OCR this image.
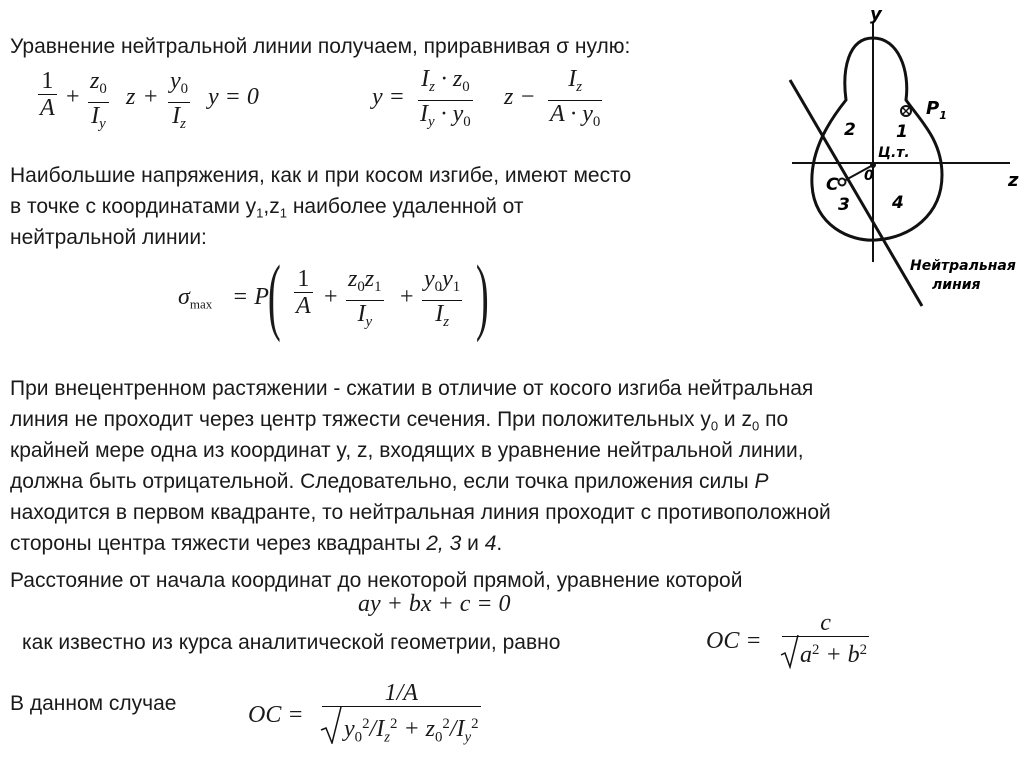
Уравнение нейтральной линии получаем, приравнивая σ нулю:
$\frac{1}{A} + \frac{z_0}{I_y}$ $z + \frac{y_0}{I_z}$ y = 0	$y = \frac{I_z \cdot z_0}{I_y \cdot y_0}$ $z - \frac{I_z}{A \cdot y_0}$
Наибольшие напряжения, как и при косом изгибе, имеют место
в точке с координатами $y_1,z_1$ наиболее удаленной от
нейтральной линии:
$\sigma_{max} = P$ ( $\frac{1}{A} + \frac{z_0z_1}{I_y} + \frac{y_0y_1}{I_z}$ )
y
z
$P_1$
1
2
3 4
0
C
Ц.т.
Нейтральная
линия
При внецентренном растяжении - сжатии в отличие от косого изгиба нейтральная
линия не проходит через центр тяжести сечения. При положительных $y_0$ и $z_0$ по
крайней мере одна из координат y, z, входящих в уравнение нейтральной линии,
должна быть отрицательной. Следовательно, если точка приложения силы P
находится в первом квадранте, то нейтральная линия проходит с противоположной
стороны центра тяжести через квадранты 2, 3 и 4.
Расстояние от начала координат до некоторой прямой, уравнение которой
ay + bx + c = 0
как известно из курса аналитической геометрии, равно	OC = $\frac{c}{a^2 + b^2}$
В данном случае	OC = $\frac{1/A}{y_0^2/I_z^2 + z_0^2/I_y^2}$
